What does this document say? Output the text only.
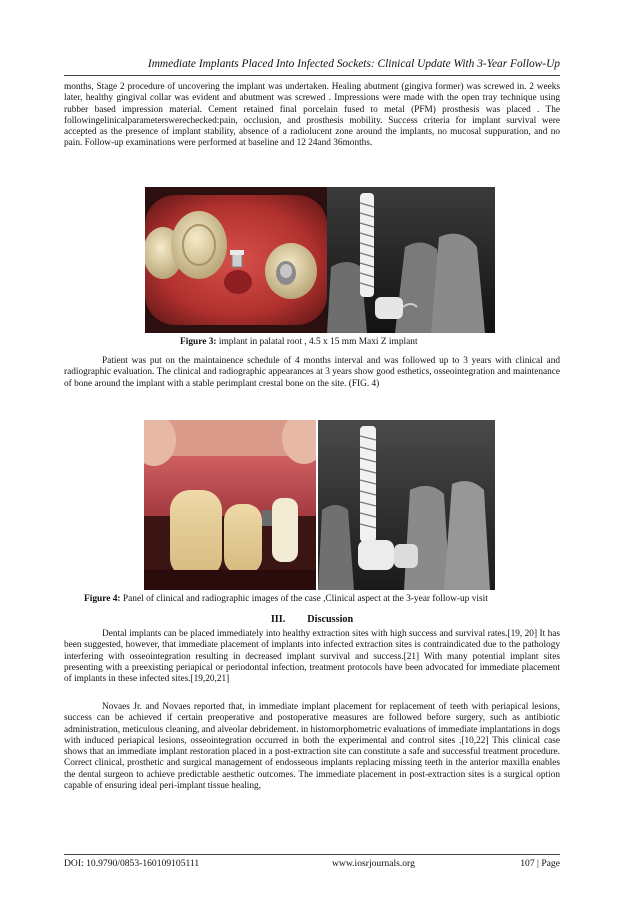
Immediate Implants Placed Into Infected Sockets: Clinical Update With 3-Year Follow-Up

months, Stage 2 procedure of uncovering the implant was undertaken. Healing abutment (gingiva former) was screwed in. 2 weeks later, healthy gingival collar was evident and abutment was screwed . Impressions were made with the open tray technique using rubber based impression material. Cement retained final porcelain fused to metal (PFM) prosthesis was placed . The followingelinicalparameterswerechecked:pain, occlusion, and prosthesis mobility. Success criteria for implant survival were accepted as the presence of implant stability, absence of a radiolucent zone around the implants, no mucosal suppuration, and no pain. Follow-up examinations were performed at baseline and 12 24and 36months.

Figure 3: implant in palatal root , 4.5 x 15 mm Maxi Z implant

Patient was put on the maintainence schedule of 4 months interval and was followed up to 3 years with clinical and radiographic evaluation. The clinical and radiographic appearances at 3 years show good esthetics, osseointegration and maintenance of bone around the implant with a stable perimplant crestal bone on the site. (FIG. 4)

Figure 4: Panel of clinical and radiographic images of the case ,Clinical aspect at the 3-year follow-up visit
III. Discussion

Dental implants can be placed immediately into healthy extraction sites with high success and survival rates.[19, 20] It has been suggested, however, that immediate placement of implants into infected extraction sites is contraindicated due to the pathology interfering with osseointegration resulting in decreased implant survival and success.[21] With many potential implant sites presenting with a preexisting periapical or periodontal infection, treatment protocols have been advocated for immediate placement of implants in these infected sites.[19,20,21]

Novaes Jr. and Novaes reported that, in immediate implant placement for replacement of teeth with periapical lesions, success can be achieved if certain preoperative and postoperative measures are followed before surgery, such as antibiotic administration, meticulous cleaning, and alveolar debridement. in histomorphometric evaluations of immediate implantations in dogs with induced periapical lesions, osseointegration occurred in both the experimental and control sites .[10,22] This clinical case shows that an immediate implant restoration placed in a post-extraction site can constitute a safe and successful treatment procedure. Correct clinical, prosthetic and surgical management of endosseous implants replacing missing teeth in the anterior maxilla enables the dental surgeon to achieve predictable aesthetic outcomes. The immediate placement in post-extraction sites is a surgical option capable of ensuring ideal peri-implant tissue healing,

DOI: 10.9790/0853-160109105111	www.iosrjournals.org	107 | Page
